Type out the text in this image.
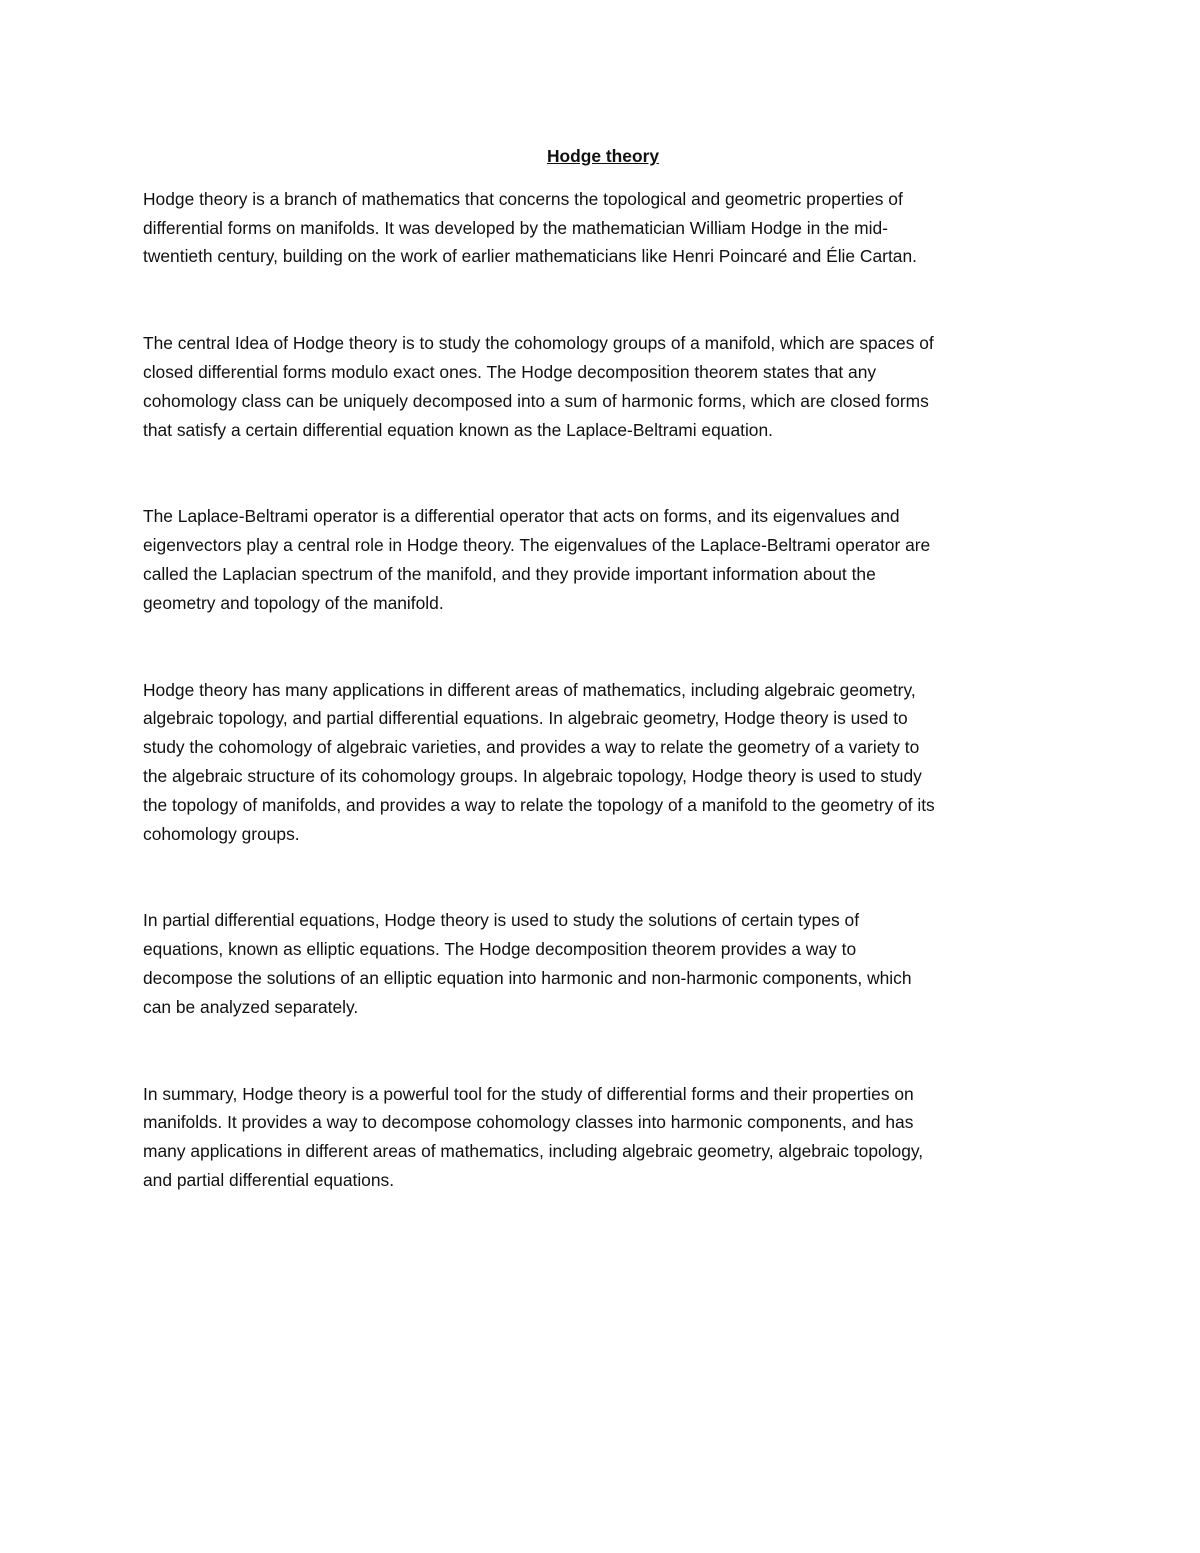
Hodge theory
Hodge theory is a branch of mathematics that concerns the topological and geometric properties of
differential forms on manifolds. It was developed by the mathematician William Hodge in the mid-
twentieth century, building on the work of earlier mathematicians like Henri Poincaré and Élie Cartan.
The central Idea of Hodge theory is to study the cohomology groups of a manifold, which are spaces of
closed differential forms modulo exact ones. The Hodge decomposition theorem states that any
cohomology class can be uniquely decomposed into a sum of harmonic forms, which are closed forms
that satisfy a certain differential equation known as the Laplace-Beltrami equation.
The Laplace-Beltrami operator is a differential operator that acts on forms, and its eigenvalues and
eigenvectors play a central role in Hodge theory. The eigenvalues of the Laplace-Beltrami operator are
called the Laplacian spectrum of the manifold, and they provide important information about the
geometry and topology of the manifold.
Hodge theory has many applications in different areas of mathematics, including algebraic geometry,
algebraic topology, and partial differential equations. In algebraic geometry, Hodge theory is used to
study the cohomology of algebraic varieties, and provides a way to relate the geometry of a variety to
the algebraic structure of its cohomology groups. In algebraic topology, Hodge theory is used to study
the topology of manifolds, and provides a way to relate the topology of a manifold to the geometry of its
cohomology groups.
In partial differential equations, Hodge theory is used to study the solutions of certain types of
equations, known as elliptic equations. The Hodge decomposition theorem provides a way to
decompose the solutions of an elliptic equation into harmonic and non-harmonic components, which
can be analyzed separately.
In summary, Hodge theory is a powerful tool for the study of differential forms and their properties on
manifolds. It provides a way to decompose cohomology classes into harmonic components, and has
many applications in different areas of mathematics, including algebraic geometry, algebraic topology,
and partial differential equations.
